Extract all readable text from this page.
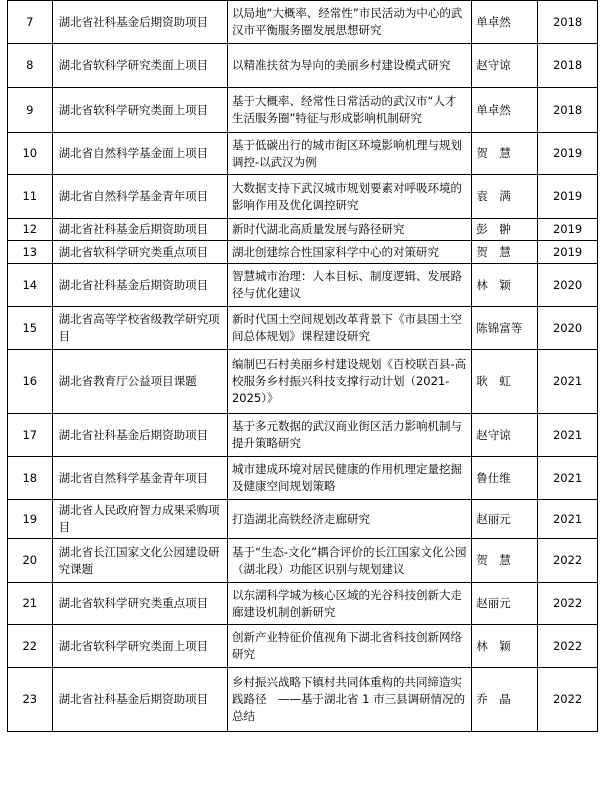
7	湖北省社科基金后期资助项目	以局地“大概率、经常性”市民活动为中心的武汉市平衡服务圈发展思想研究	单卓然	2018
8	湖北省软科学研究类面上项目	以精准扶贫为导向的美丽乡村建设模式研究	赵守谅	2018
9	湖北省软科学研究类面上项目	基于大概率、经常性日常活动的武汉市“人才生活服务圈”特征与形成影响机制研究	单卓然	2018
10	湖北省自然科学基金面上项目	基于低碳出行的城市街区环境影响机理与规划调控-以武汉为例	贺　慧	2019
11	湖北省自然科学基金青年项目	大数据支持下武汉城市规划要素对呼吸环境的影响作用及优化调控研究	袁　满	2019
12	湖北省社科基金后期资助项目	新时代湖北高质量发展与路径研究	彭　翀	2019
13	湖北省软科学研究类重点项目	湖北创建综合性国家科学中心的对策研究	贺　慧	2019
14	湖北省社科基金后期资助项目	智慧城市治理：人本目标、制度逻辑、发展路径与优化建议	林　颖	2020
15	湖北省高等学校省级教学研究项目	新时代国土空间规划改革背景下《市县国土空间总体规划》课程建设研究	陈锦富等	2020
16	湖北省教育厅公益项目课题	编制巴石村美丽乡村建设规划《百校联百县-高校服务乡村振兴科技支撑行动计划（2021-2025）》	耿　虹	2021
17	湖北省社科基金后期资助项目	基于多元数据的武汉商业街区活力影响机制与提升策略研究	赵守谅	2021
18	湖北省自然科学基金青年项目	城市建成环境对居民健康的作用机理定量挖掘及健康空间规划策略	鲁仕维	2021
19	湖北省人民政府智力成果采购项目	打造湖北高铁经济走廊研究	赵丽元	2021
20	湖北省长江国家文化公园建设研究课题	基于“生态-文化”耦合评价的长江国家文化公园（湖北段）功能区识别与规划建议	贺　慧	2022
21	湖北省软科学研究类重点项目	以东湖科学城为核心区域的光谷科技创新大走廊建设机制创新研究	赵丽元	2022
22	湖北省软科学研究类面上项目	创新产业特征价值视角下湖北省科技创新网络研究	林　颖	2022
23	湖北省社科基金后期资助项目	乡村振兴战略下镇村共同体重构的共同缔造实践路径　——基于湖北省 1 市三县调研情况的总结	乔　晶	2022
